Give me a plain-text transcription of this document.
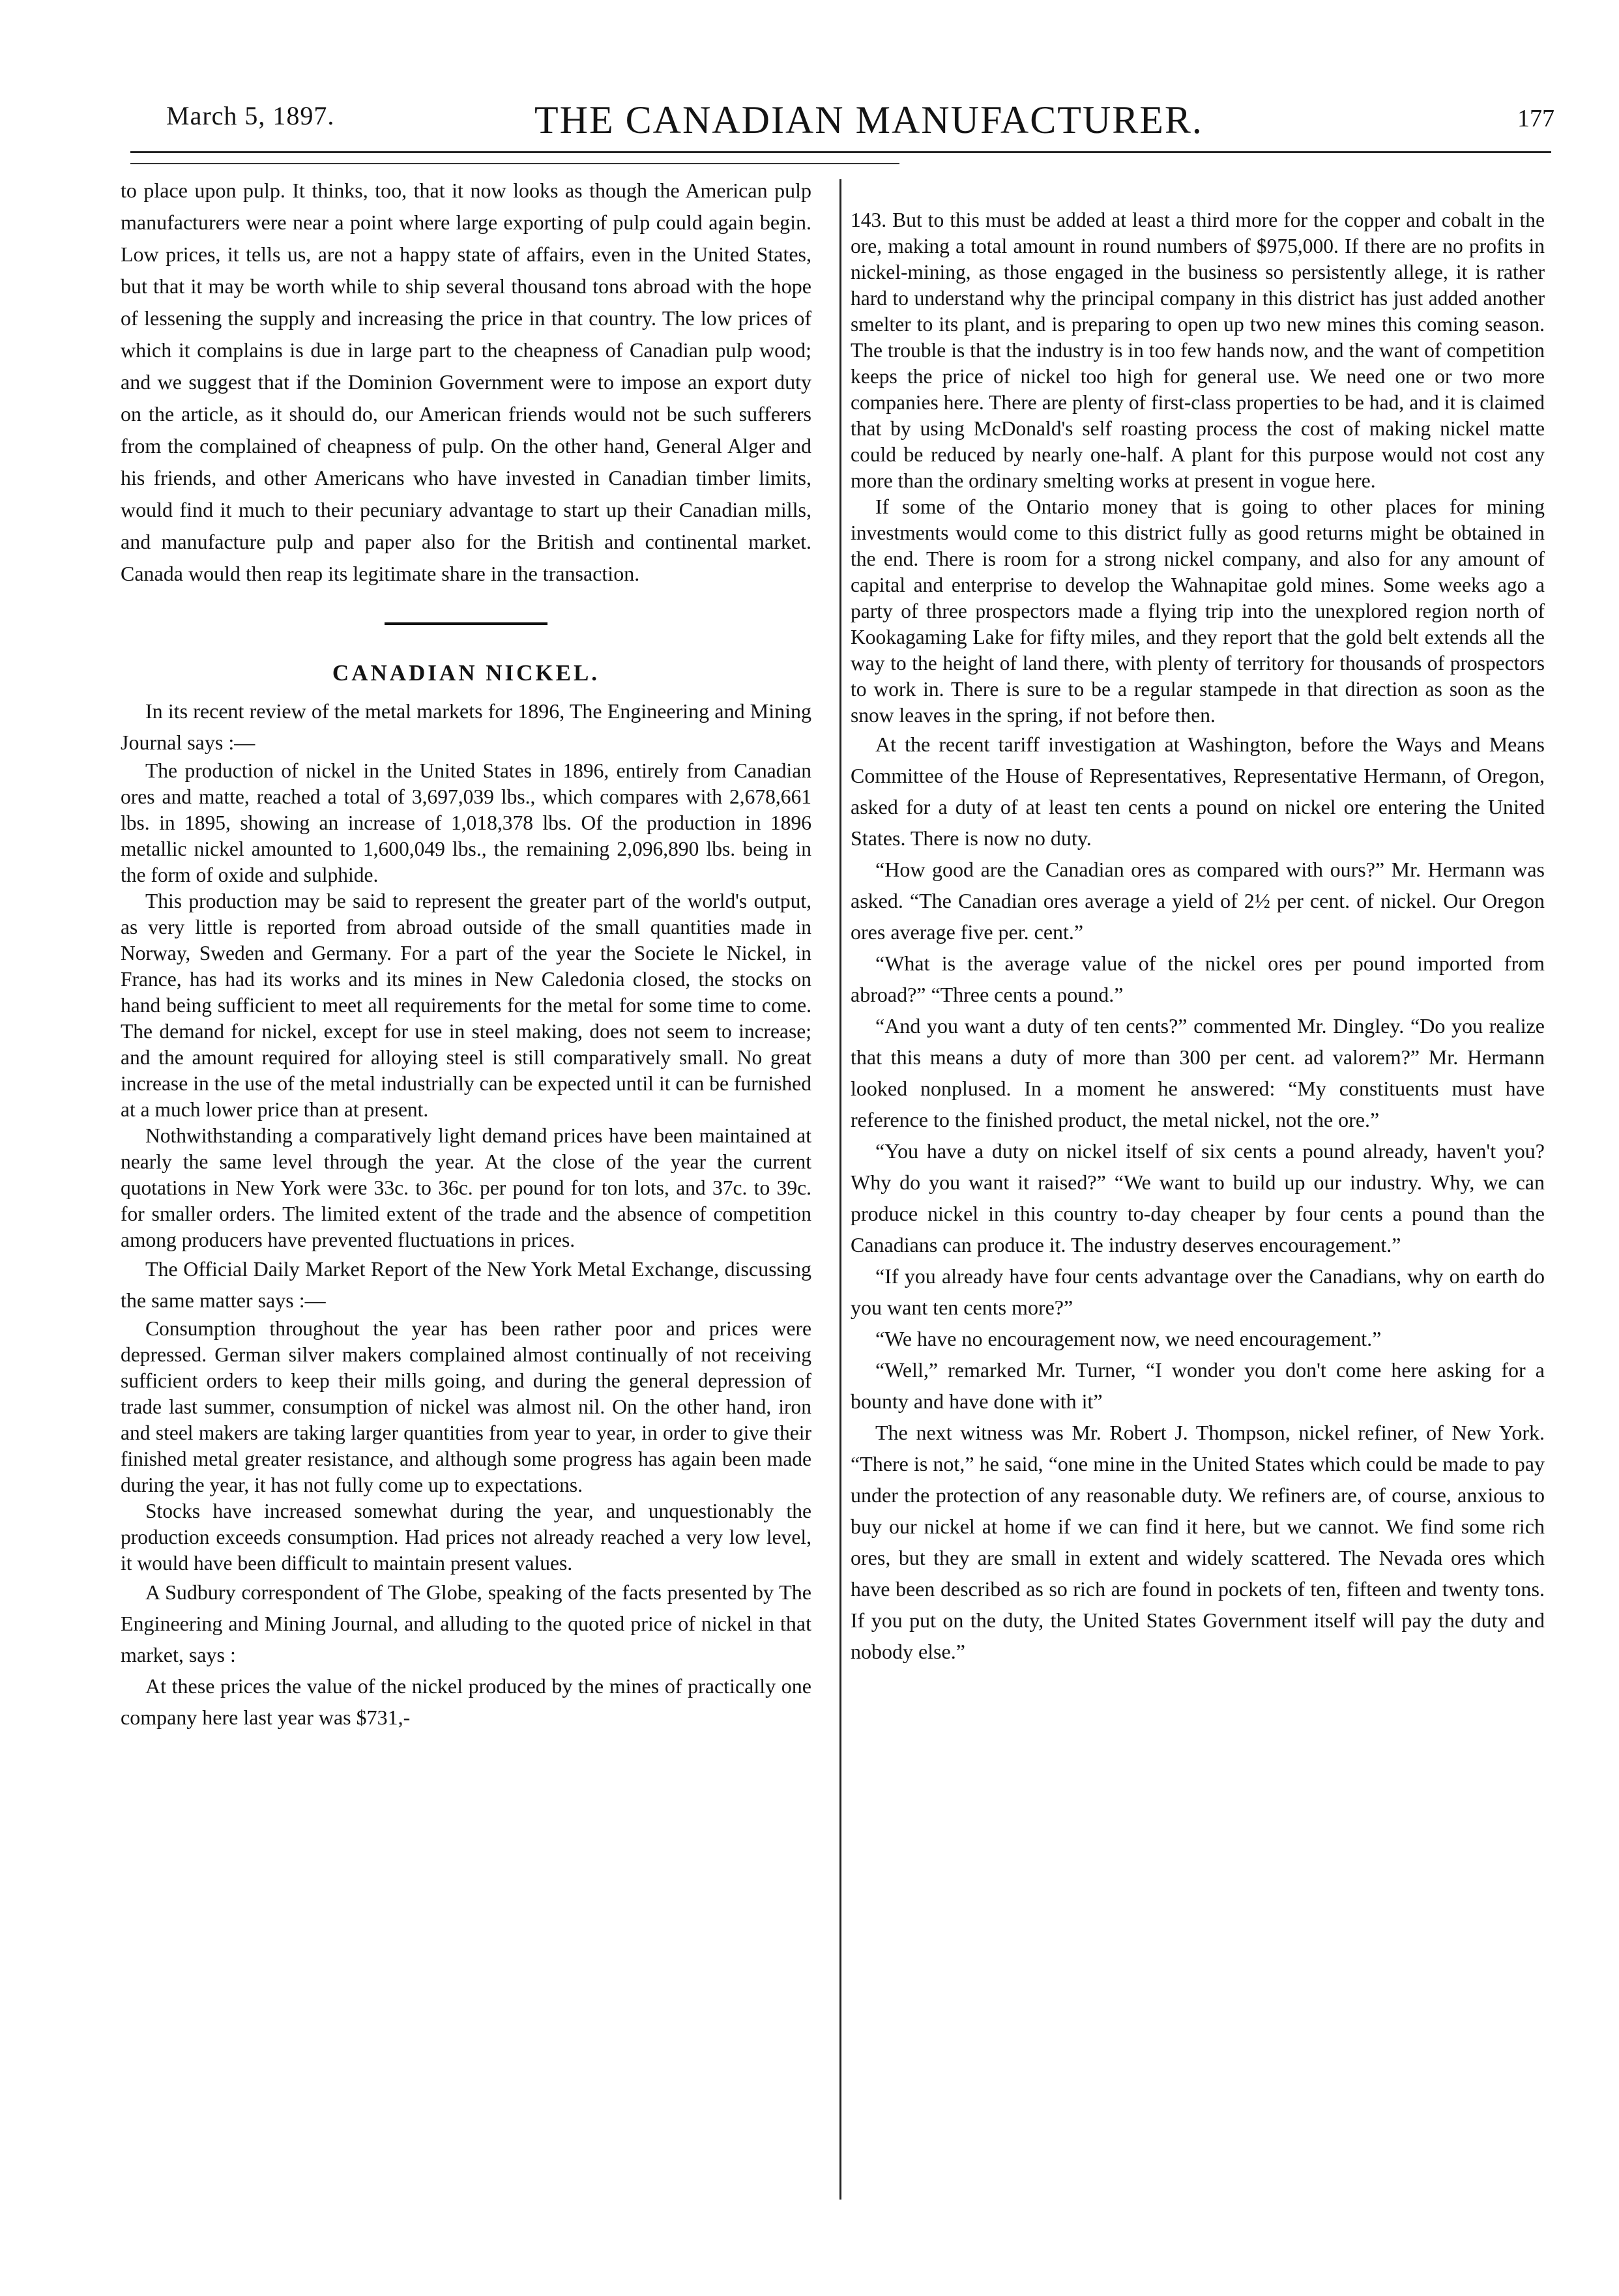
March 5, 1897.	THE CANADIAN MANUFACTURER.	177

to place upon pulp. It thinks, too, that it now looks as though the American pulp manufacturers were near a point where large exporting of pulp could again begin. Low prices, it tells us, are not a happy state of affairs, even in the United States, but that it may be worth while to ship several thousand tons abroad with the hope of lessening the supply and increasing the price in that country. The low prices of which it complains is due in large part to the cheapness of Canadian pulp wood; and we suggest that if the Dominion Government were to impose an export duty on the article, as it should do, our American friends would not be such sufferers from the complained of cheapness of pulp. On the other hand, General Alger and his friends, and other Americans who have invested in Canadian timber limits, would find it much to their pecuniary advantage to start up their Canadian mills, and manufacture pulp and paper also for the British and continental market. Canada would then reap its legitimate share in the transaction.

CANADIAN NICKEL.

In its recent review of the metal markets for 1896, The Engineering and Mining Journal says :—

The production of nickel in the United States in 1896, entirely from Canadian ores and matte, reached a total of 3,697,039 lbs., which compares with 2,678,661 lbs. in 1895, showing an increase of 1,018,378 lbs. Of the production in 1896 metallic nickel amounted to 1,600,049 lbs., the remaining 2,096,890 lbs. being in the form of oxide and sulphide.

This production may be said to represent the greater part of the world's output, as very little is reported from abroad outside of the small quantities made in Norway, Sweden and Germany. For a part of the year the Societe le Nickel, in France, has had its works and its mines in New Caledonia closed, the stocks on hand being sufficient to meet all requirements for the metal for some time to come. The demand for nickel, except for use in steel making, does not seem to increase; and the amount required for alloying steel is still comparatively small. No great increase in the use of the metal industrially can be expected until it can be furnished at a much lower price than at present.

Nothwithstanding a comparatively light demand prices have been maintained at nearly the same level through the year. At the close of the year the current quotations in New York were 33c. to 36c. per pound for ton lots, and 37c. to 39c. for smaller orders. The limited extent of the trade and the absence of competition among producers have prevented fluctuations in prices.

The Official Daily Market Report of the New York Metal Exchange, discussing the same matter says :—

Consumption throughout the year has been rather poor and prices were depressed. German silver makers complained almost continually of not receiving sufficient orders to keep their mills going, and during the general depression of trade last summer, consumption of nickel was almost nil. On the other hand, iron and steel makers are taking larger quantities from year to year, in order to give their finished metal greater resistance, and although some progress has again been made during the year, it has not fully come up to expectations.

Stocks have increased somewhat during the year, and unquestionably the production exceeds consumption. Had prices not already reached a very low level, it would have been difficult to maintain present values.

A Sudbury correspondent of The Globe, speaking of the facts presented by The Engineering and Mining Journal, and alluding to the quoted price of nickel in that market, says :

At these prices the value of the nickel produced by the mines of practically one company here last year was $731,-

143. But to this must be added at least a third more for the copper and cobalt in the ore, making a total amount in round numbers of $975,000. If there are no profits in nickel-mining, as those engaged in the business so persistently allege, it is rather hard to understand why the principal company in this district has just added another smelter to its plant, and is preparing to open up two new mines this coming season. The trouble is that the industry is in too few hands now, and the want of competition keeps the price of nickel too high for general use. We need one or two more companies here. There are plenty of first-class properties to be had, and it is claimed that by using McDonald's self roasting process the cost of making nickel matte could be reduced by nearly one-half. A plant for this purpose would not cost any more than the ordinary smelting works at present in vogue here.

If some of the Ontario money that is going to other places for mining investments would come to this district fully as good returns might be obtained in the end. There is room for a strong nickel company, and also for any amount of capital and enterprise to develop the Wahnapitae gold mines. Some weeks ago a party of three prospectors made a flying trip into the unexplored region north of Kookagaming Lake for fifty miles, and they report that the gold belt extends all the way to the height of land there, with plenty of territory for thousands of prospectors to work in. There is sure to be a regular stampede in that direction as soon as the snow leaves in the spring, if not before then.

At the recent tariff investigation at Washington, before the Ways and Means Committee of the House of Representatives, Representative Hermann, of Oregon, asked for a duty of at least ten cents a pound on nickel ore entering the United States. There is now no duty.

“How good are the Canadian ores as compared with ours?” Mr. Hermann was asked. “The Canadian ores average a yield of 2½ per cent. of nickel. Our Oregon ores average five per. cent.”

“What is the average value of the nickel ores per pound imported from abroad?” “Three cents a pound.”

“And you want a duty of ten cents?” commented Mr. Dingley. “Do you realize that this means a duty of more than 300 per cent. ad valorem?” Mr. Hermann looked nonplused. In a moment he answered: “My constituents must have reference to the finished product, the metal nickel, not the ore.”

“You have a duty on nickel itself of six cents a pound already, haven't you? Why do you want it raised?” “We want to build up our industry. Why, we can produce nickel in this country to-day cheaper by four cents a pound than the Canadians can produce it. The industry deserves encouragement.”

“If you already have four cents advantage over the Canadians, why on earth do you want ten cents more?”

“We have no encouragement now, we need encouragement.”

“Well,” remarked Mr. Turner, “I wonder you don't come here asking for a bounty and have done with it”

The next witness was Mr. Robert J. Thompson, nickel refiner, of New York. “There is not,” he said, “one mine in the United States which could be made to pay under the protection of any reasonable duty. We refiners are, of course, anxious to buy our nickel at home if we can find it here, but we cannot. We find some rich ores, but they are small in extent and widely scattered. The Nevada ores which have been described as so rich are found in pockets of ten, fifteen and twenty tons. If you put on the duty, the United States Government itself will pay the duty and nobody else.”
